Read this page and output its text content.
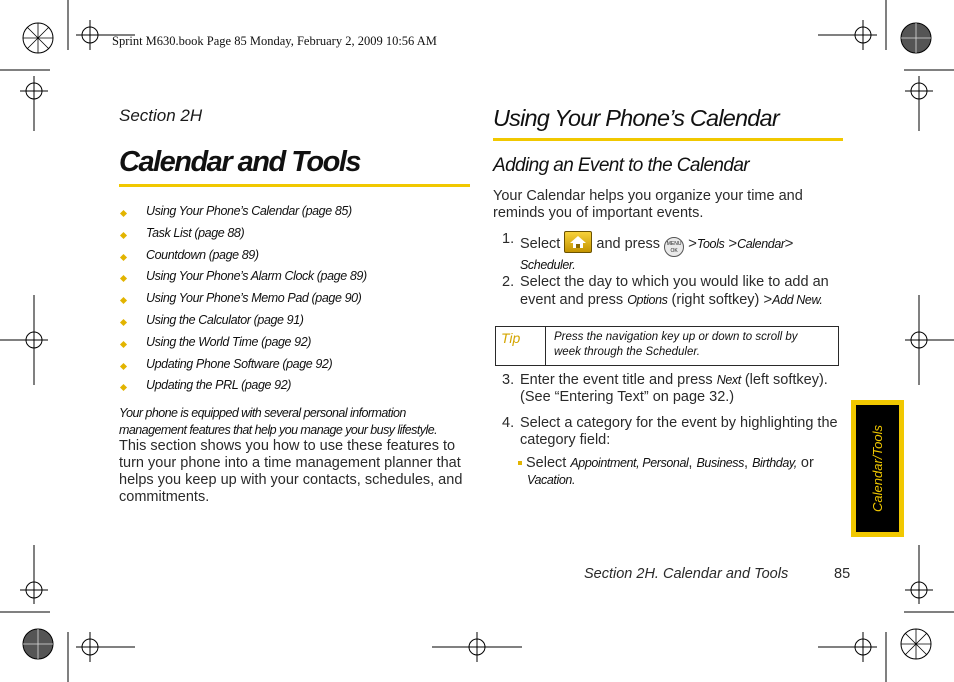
Sprint M630.book Page 85 Monday, February 2, 2009 10:56 AM
Section 2H
Calendar and Tools
Using Your Phone’s Calendar (page 85)
Task List (page 88)
Countdown (page 89)
Using Your Phone’s Alarm Clock (page 89)
Using Your Phone’s Memo Pad (page 90)
Using the Calculator (page 91)
Using the World Time (page 92)
Updating Phone Software (page 92)
Updating the PRL (page 92)
Your phone is equipped with several personal information management features that help you manage your busy lifestyle.
This section shows you how to use these features to turn your phone into a time management planner that helps you keep up with your contacts, schedules, and commitments.
Using Your Phone’s Calendar
Adding an Event to the Calendar
Your Calendar helps you organize your time and reminds you of important events.
1. Select and press	MENU OK >Tools >Calendar>
Scheduler.
2. Select the day to which you would like to add an event and press Options (right softkey) >Add New.
Tip	Press the navigation key up or down to scroll by week through the Scheduler.
3. Enter the event title and press Next (left softkey). (See “Entering Text” on page 32.)
4. Select a category for the event by highlighting the category field:
Select Appointment, Personal, Business, Birthday, or
Vacation.	Calendar/Tools
Section 2H. Calendar and Tools	85
